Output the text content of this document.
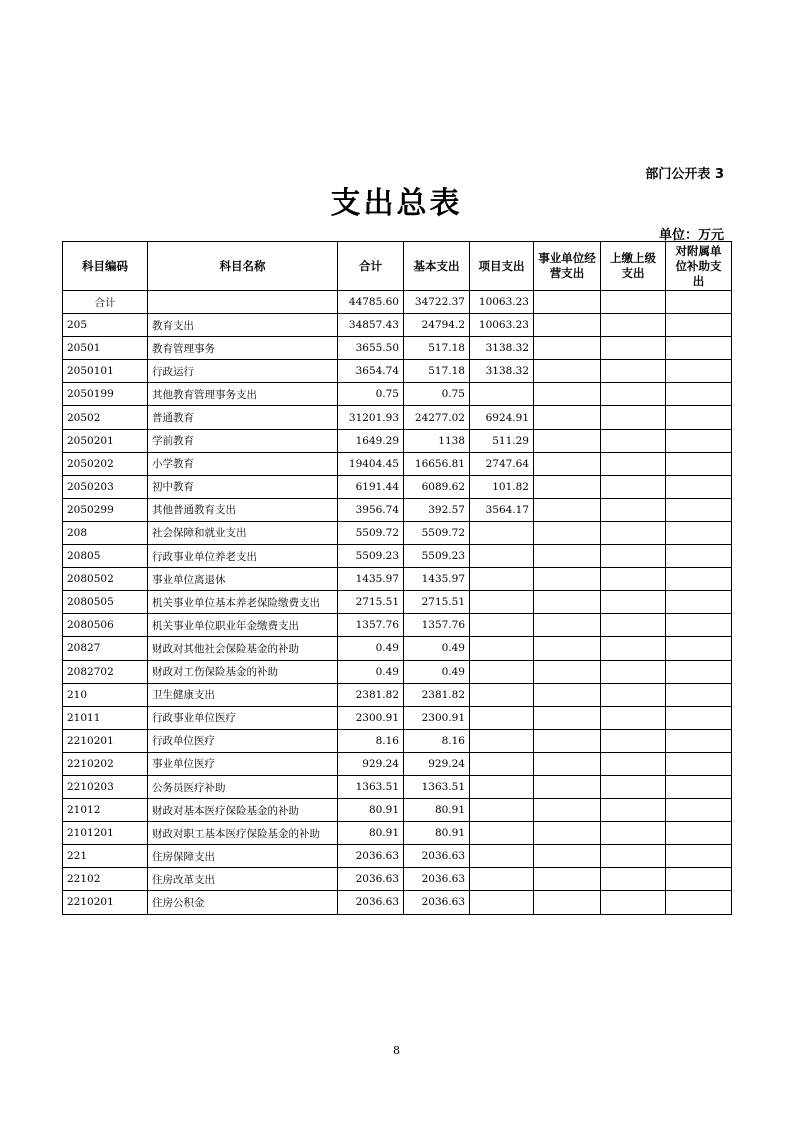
部门公开表 3
支出总表
单位：万元
科目编码	科目名称	合计	基本支出	项目支出	事业单位经营支出	上缴上级支出	对附属单位补助支出
合计		44785.60	34722.37	10063.23			
205	教育支出	34857.43	24794.2	10063.23			
20501	教育管理事务	3655.50	517.18	3138.32			
2050101	行政运行	3654.74	517.18	3138.32			
2050199	其他教育管理事务支出	0.75	0.75				
20502	普通教育	31201.93	24277.02	6924.91			
2050201	学前教育	1649.29	1138	511.29			
2050202	小学教育	19404.45	16656.81	2747.64			
2050203	初中教育	6191.44	6089.62	101.82			
2050299	其他普通教育支出	3956.74	392.57	3564.17			
208	社会保障和就业支出	5509.72	5509.72				
20805	行政事业单位养老支出	5509.23	5509.23				
2080502	事业单位离退休	1435.97	1435.97				
2080505	机关事业单位基本养老保险缴费支出	2715.51	2715.51				
2080506	机关事业单位职业年金缴费支出	1357.76	1357.76				
20827	财政对其他社会保险基金的补助	0.49	0.49				
2082702	财政对工伤保险基金的补助	0.49	0.49				
210	卫生健康支出	2381.82	2381.82				
21011	行政事业单位医疗	2300.91	2300.91				
2210201	行政单位医疗	8.16	8.16				
2210202	事业单位医疗	929.24	929.24				
2210203	公务员医疗补助	1363.51	1363.51				
21012	财政对基本医疗保险基金的补助	80.91	80.91				
2101201	财政对职工基本医疗保险基金的补助	80.91	80.91				
221	住房保障支出	2036.63	2036.63				
22102	住房改革支出	2036.63	2036.63				
2210201	住房公积金	2036.63	2036.63				
8
